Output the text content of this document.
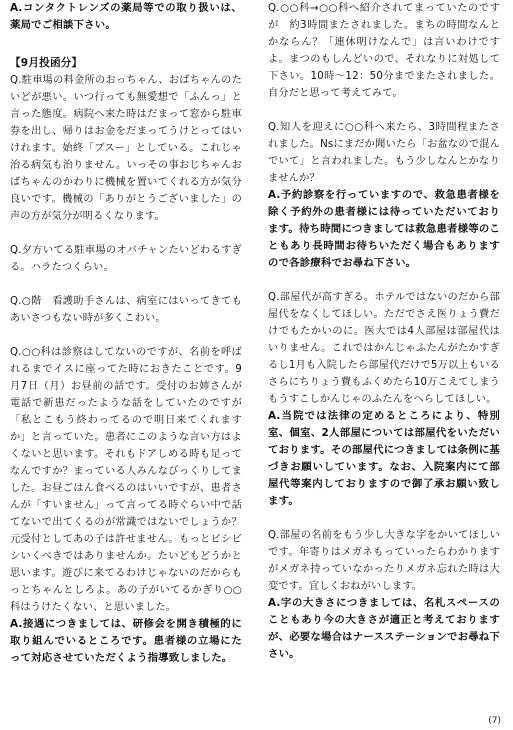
A.コンタクトレンズの薬局等での取り扱いは、薬局でご相談下さい。

【9月投函分】

Q.駐車場の料金所のおっちゃん、おばちゃんのたいどが悪い。いつ行っても無愛想で「ふんっ」と言った態度。病院へ来た時はだまって窓から駐車券を出し、帰りはお金をだまってうけとってはいけれます。始終「ブスー」としている。これじゃ治る病気も治りません。いっその事おじちゃんおばちゃんのかわりに機械を置いてくれる方が気分良いです。機械の「ありがとうございました」の声の方が気分が明るくなります。

Q.夕方いてる駐車場のオバチャンたいどわるすぎる。ハラたつくらい。

Q.○階　看護助手さんは、病室にはいってきてもあいさつもない時が多くこわい。

Q.○○科は診察はしてないのですが、名前を呼ばれるまでイスに座ってた時におきたことです。9月7日（月）お昼前の話です。受付のお姉さんが電話で新患だったような話をしていたのですが「私とこもう終わってるので明日来てくれますか」と言っていた。患者にこのような言い方はよくないと思います。それもドアしめる時も足ってなんですか？まっている人みんなびっくりしてました。お昼ごはん食べるのはいいですが、患者さんが「すいません」って言ってる時ぐらい中で話てないで出てくるのが常識ではないでしょうか？元受付としてあの子は許せません。もっとビシビシいくべきではありませんか。たいどもどうかと思います。遊びに来てるわけじゃないのだからもっとちゃんとしろよ。あの子がいてるかぎり○○科はうけたくない、と思いました。

A.接遇につきましては、研修会を開き積極的に取り組んでいるところです。患者様の立場にたって対応させていただくよう指導致しました。

Q.○○科→○○科へ紹介されてまっていたのですが　約3時間またされました。まちの時間なんとかならん？「連休明けなんで」は言いわけですよ。まつのもしんどいので、それなりに対処して下さい。10時〜12：50分までまたされました。自分だと思って考えてみて。

Q.知人を迎えに○○科へ来たら、3時間程またされました。Nsにまだか聞いたら「お盆なので混んでいて」と言われました。もう少しなんとかなりませんか？

A.予約診察を行っていますので、救急患者様を除く予約外の患者様には待っていただいております。待ち時間につきましては救急患者様等のこともあり長時間お待ちいただく場合もありますので各診療科でお尋ね下さい。

Q.部屋代が高すぎる。ホテルではないのだから部屋代をなくしてほしい。ただでさえ医りょう費だけでもたかいのに。医大では4人部屋は部屋代はいりません。これではかんじゃふたんがたかすぎるし1月も入院したら部屋代だけで5万以上もいるさらにちりょう費もふくめたら10万こえてしまうもうすこしかんじゃのふたんをへらしてほしい。

A.当院では法律の定めるところにより、特別室、個室、2人部屋については部屋代をいただいております。その部屋代につきましては条例に基づきお願いしています。なお、入院案内にて部屋代等案内しておりますので御了承お願い致します。

Q.部屋の名前をもう少し大きな字をかいてほしいです。年寄りはメガネもっていったらわかりますがメガネ持っていなかったりメガネ忘れた時は大変です。宜しくおねがいします。

A.字の大きさにつきましては、名札スペースのこともあり今の大きさが適正と考えておりますが、必要な場合はナースステーションでお尋ね下さい。

(7)
